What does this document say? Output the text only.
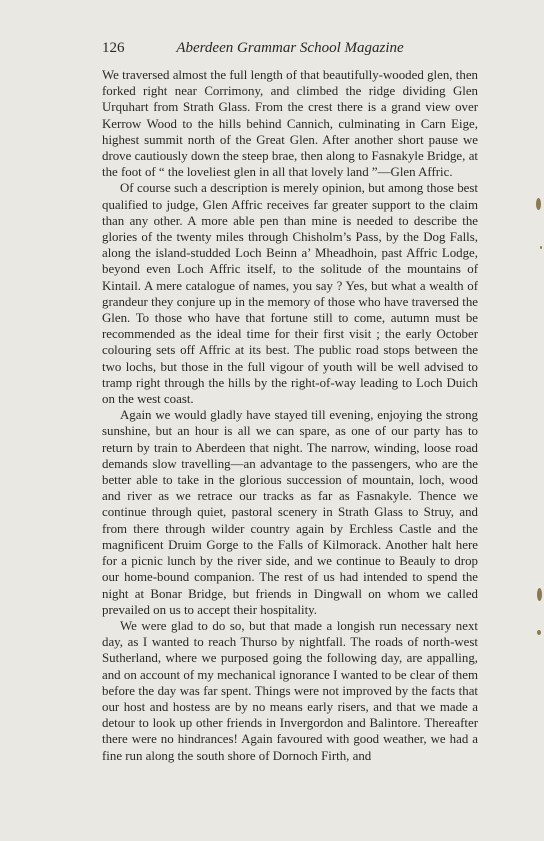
126	Aberdeen Grammar School Magazine

We traversed almost the full length of that beautifully-wooded glen, then forked right near Corrimony, and climbed the ridge dividing Glen Urquhart from Strath Glass. From the crest there is a grand view over Kerrow Wood to the hills behind Cannich, culminating in Carn Eige, highest summit north of the Great Glen. After another short pause we drove cautiously down the steep brae, then along to Fasnakyle Bridge, at the foot of “ the loveliest glen in all that lovely land ”—Glen Affric.

Of course such a description is merely opinion, but among those best qualified to judge, Glen Affric receives far greater support to the claim than any other. A more able pen than mine is needed to describe the glories of the twenty miles through Chisholm’s Pass, by the Dog Falls, along the island-studded Loch Beinn a’ Mheadhoin, past Affric Lodge, beyond even Loch Affric itself, to the solitude of the mountains of Kintail. A mere catalogue of names, you say ? Yes, but what a wealth of grandeur they conjure up in the memory of those who have traversed the Glen. To those who have that fortune still to come, autumn must be recommended as the ideal time for their first visit ; the early October colouring sets off Affric at its best. The public road stops between the two lochs, but those in the full vigour of youth will be well advised to tramp right through the hills by the right-of-way leading to Loch Duich on the west coast.

Again we would gladly have stayed till evening, enjoying the strong sunshine, but an hour is all we can spare, as one of our party has to return by train to Aberdeen that night. The narrow, winding, loose road demands slow travelling—an advantage to the passengers, who are the better able to take in the glorious succession of mountain, loch, wood and river as we retrace our tracks as far as Fasnakyle. Thence we continue through quiet, pastoral scenery in Strath Glass to Struy, and from there through wilder country again by Erchless Castle and the magnificent Druim Gorge to the Falls of Kilmorack. Another halt here for a picnic lunch by the river side, and we continue to Beauly to drop our home-bound companion. The rest of us had intended to spend the night at Bonar Bridge, but friends in Dingwall on whom we called prevailed on us to accept their hospitality.

We were glad to do so, but that made a longish run necessary next day, as I wanted to reach Thurso by nightfall. The roads of north-west Sutherland, where we purposed going the following day, are appalling, and on account of my mechanical ignorance I wanted to be clear of them before the day was far spent. Things were not improved by the facts that our host and hostess are by no means early risers, and that we made a detour to look up other friends in Invergordon and Balintore. Thereafter there were no hindrances! Again favoured with good weather, we had a fine run along the south shore of Dornoch Firth, and
